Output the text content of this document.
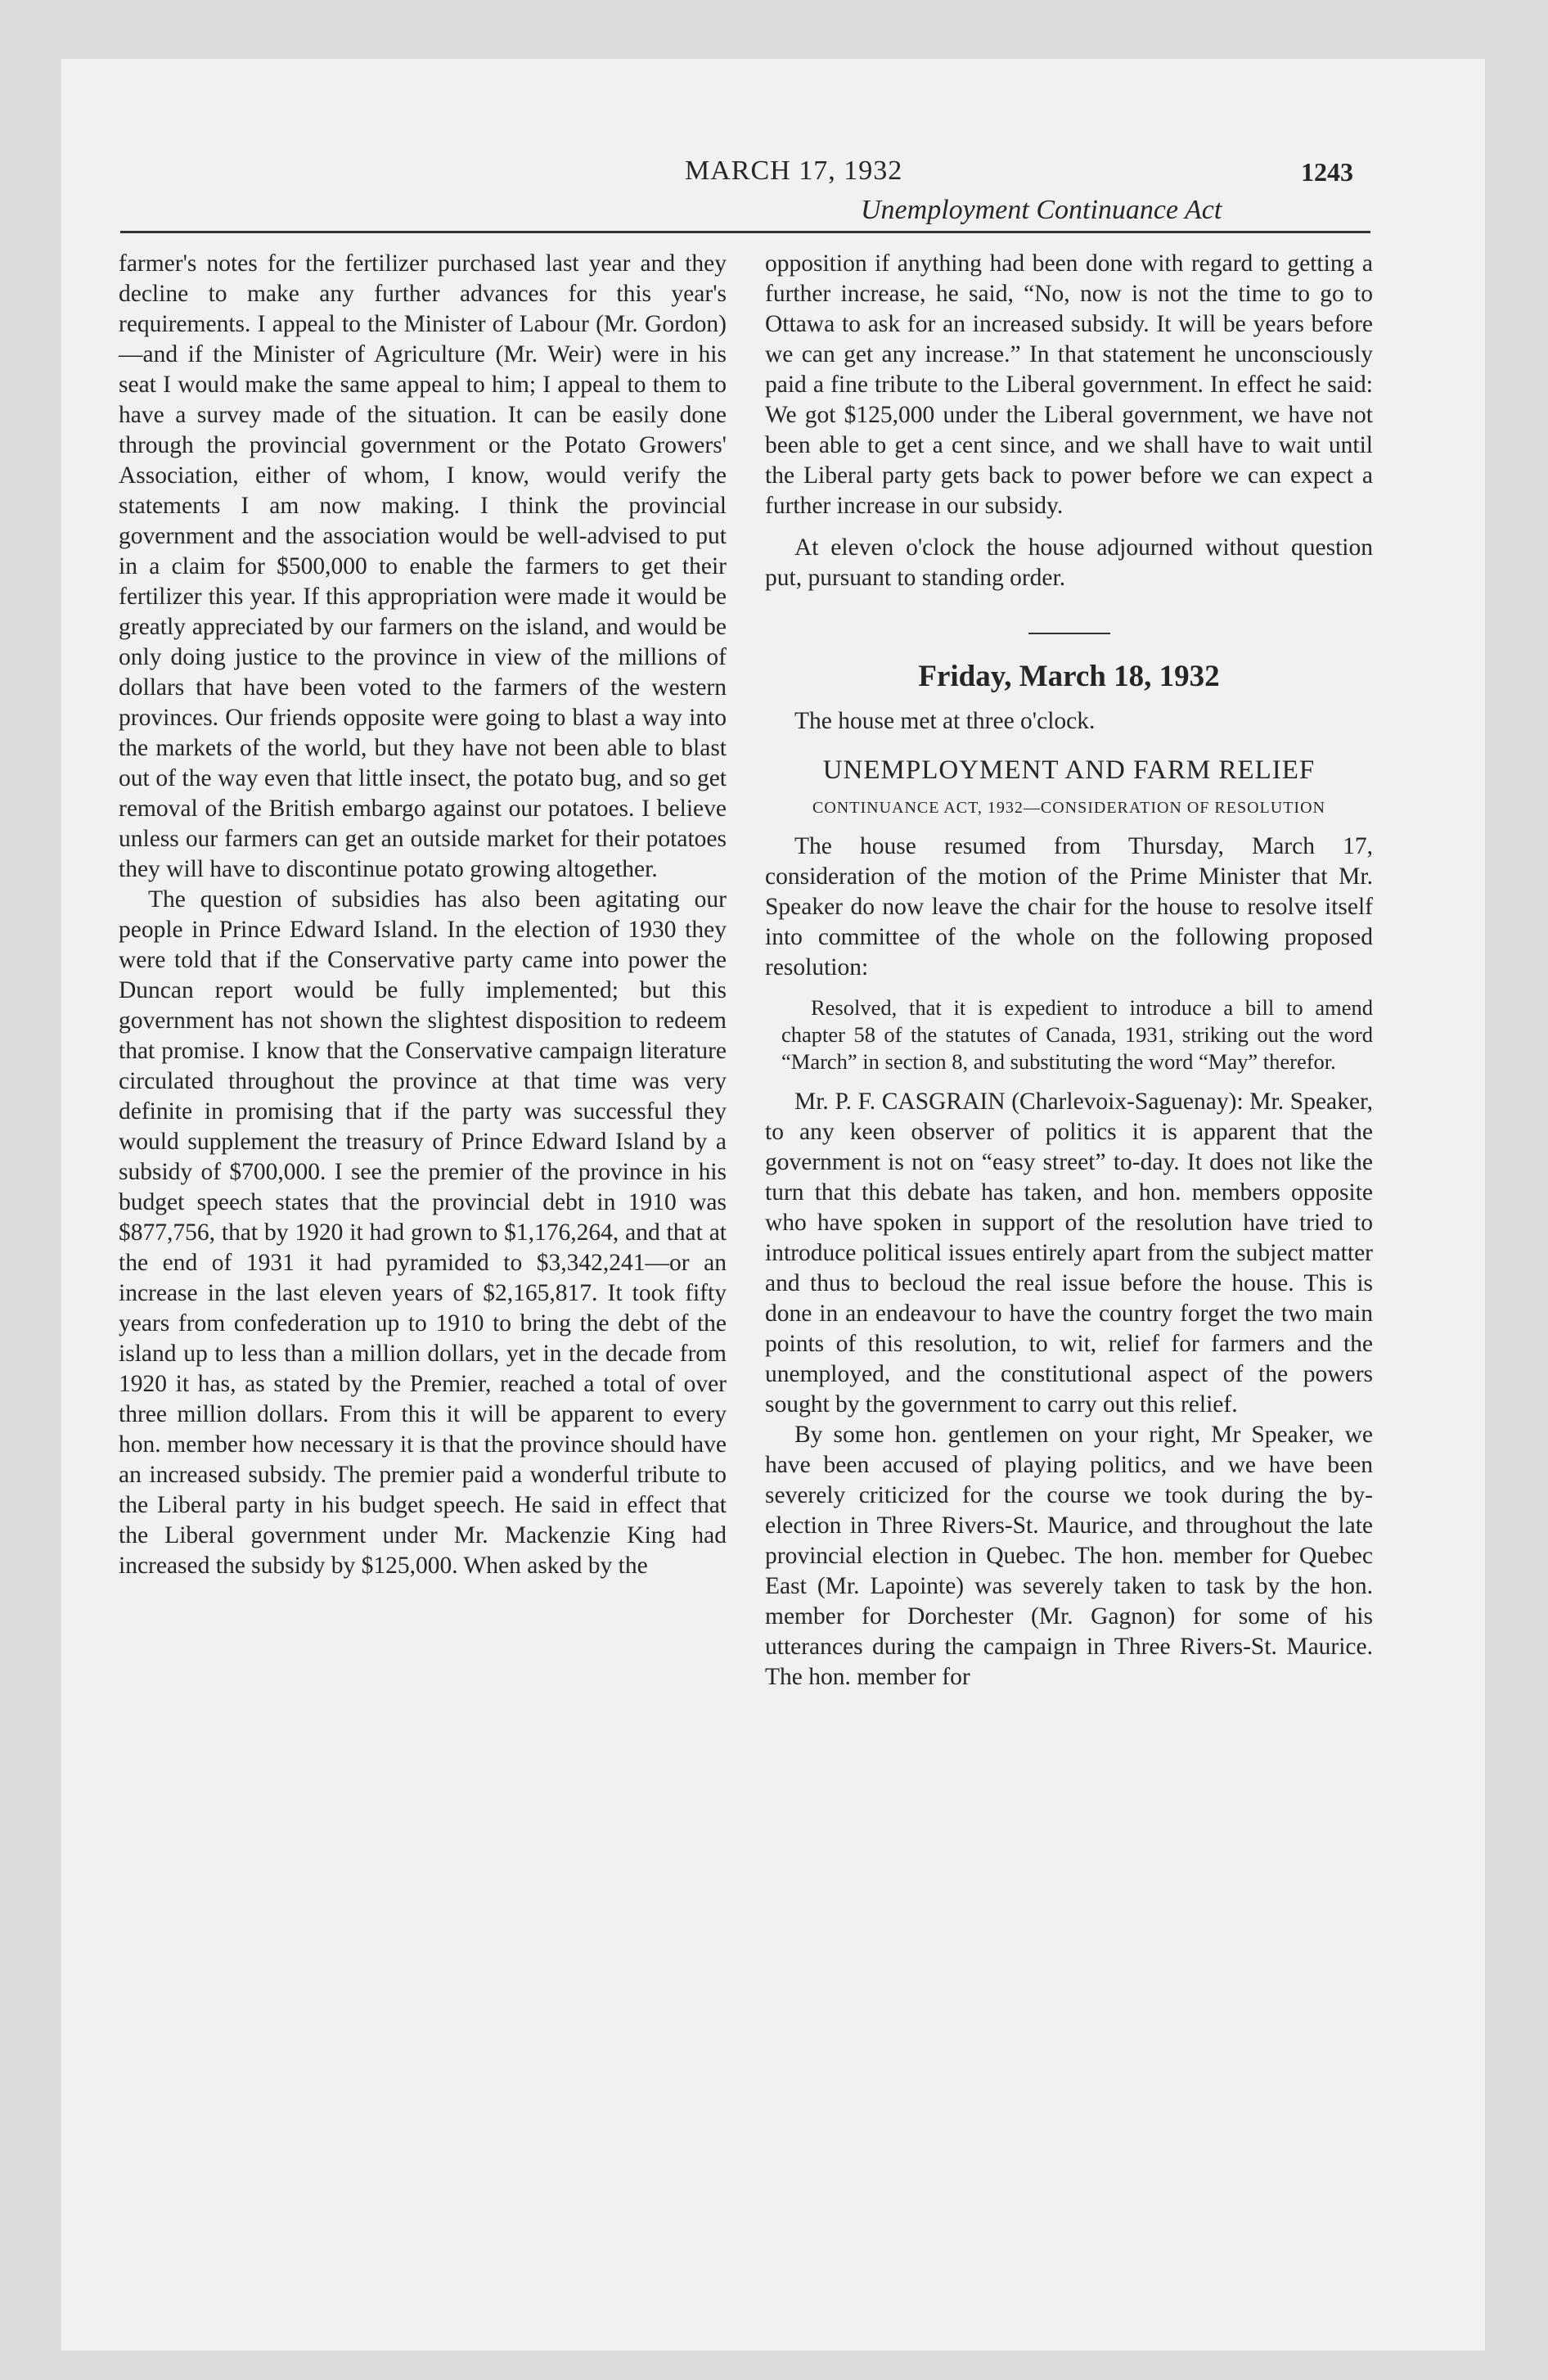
MARCH 17, 1932	1243
Unemployment Continuance Act

farmer's notes for the fertilizer purchased last year and they decline to make any further advances for this year's requirements. I appeal to the Minister of Labour (Mr. Gordon) —and if the Minister of Agriculture (Mr. Weir) were in his seat I would make the same appeal to him; I appeal to them to have a survey made of the situation. It can be easily done through the provincial government or the Potato Growers' Association, either of whom, I know, would verify the statements I am now making. I think the provincial government and the association would be well-advised to put in a claim for $500,000 to enable the farmers to get their fertilizer this year. If this appropriation were made it would be greatly appreciated by our farmers on the island, and would be only doing justice to the province in view of the millions of dollars that have been voted to the farmers of the western provinces. Our friends opposite were going to blast a way into the markets of the world, but they have not been able to blast out of the way even that little insect, the potato bug, and so get removal of the British embargo against our potatoes. I believe unless our farmers can get an outside market for their potatoes they will have to discontinue potato growing altogether.

The question of subsidies has also been agitating our people in Prince Edward Island. In the election of 1930 they were told that if the Conservative party came into power the Duncan report would be fully implemented; but this government has not shown the slightest disposition to redeem that promise. I know that the Conservative campaign literature circulated throughout the province at that time was very definite in promising that if the party was successful they would supplement the treasury of Prince Edward Island by a subsidy of $700,000. I see the premier of the province in his budget speech states that the provincial debt in 1910 was $877,756, that by 1920 it had grown to $1,176,264, and that at the end of 1931 it had pyramided to $3,342,241—or an increase in the last eleven years of $2,165,817. It took fifty years from confederation up to 1910 to bring the debt of the island up to less than a million dollars, yet in the decade from 1920 it has, as stated by the Premier, reached a total of over three million dollars. From this it will be apparent to every hon. member how necessary it is that the province should have an increased subsidy. The premier paid a wonderful tribute to the Liberal party in his budget speech. He said in effect that the Liberal government under Mr. Mackenzie King had increased the subsidy by $125,000. When asked by the

opposition if anything had been done with regard to getting a further increase, he said, “No, now is not the time to go to Ottawa to ask for an increased subsidy. It will be years before we can get any increase.” In that statement he unconsciously paid a fine tribute to the Liberal government. In effect he said: We got $125,000 under the Liberal government, we have not been able to get a cent since, and we shall have to wait until the Liberal party gets back to power before we can expect a further increase in our subsidy.

At eleven o'clock the house adjourned without question put, pursuant to standing order.

Friday, March 18, 1932

The house met at three o'clock.

UNEMPLOYMENT AND FARM RELIEF

CONTINUANCE ACT, 1932—CONSIDERATION OF RESOLUTION

The house resumed from Thursday, March 17, consideration of the motion of the Prime Minister that Mr. Speaker do now leave the chair for the house to resolve itself into committee of the whole on the following proposed resolution:

Resolved, that it is expedient to introduce a bill to amend chapter 58 of the statutes of Canada, 1931, striking out the word “March” in section 8, and substituting the word “May” therefor.

Mr. P. F. CASGRAIN (Charlevoix-Saguenay): Mr. Speaker, to any keen observer of politics it is apparent that the government is not on “easy street” to-day. It does not like the turn that this debate has taken, and hon. members opposite who have spoken in support of the resolution have tried to introduce political issues entirely apart from the subject matter and thus to becloud the real issue before the house. This is done in an endeavour to have the country forget the two main points of this resolution, to wit, relief for farmers and the unemployed, and the constitutional aspect of the powers sought by the government to carry out this relief.

By some hon. gentlemen on your right, Mr Speaker, we have been accused of playing politics, and we have been severely criticized for the course we took during the by-election in Three Rivers-St. Maurice, and throughout the late provincial election in Quebec. The hon. member for Quebec East (Mr. Lapointe) was severely taken to task by the hon. member for Dorchester (Mr. Gagnon) for some of his utterances during the campaign in Three Rivers-St. Maurice. The hon. member for
